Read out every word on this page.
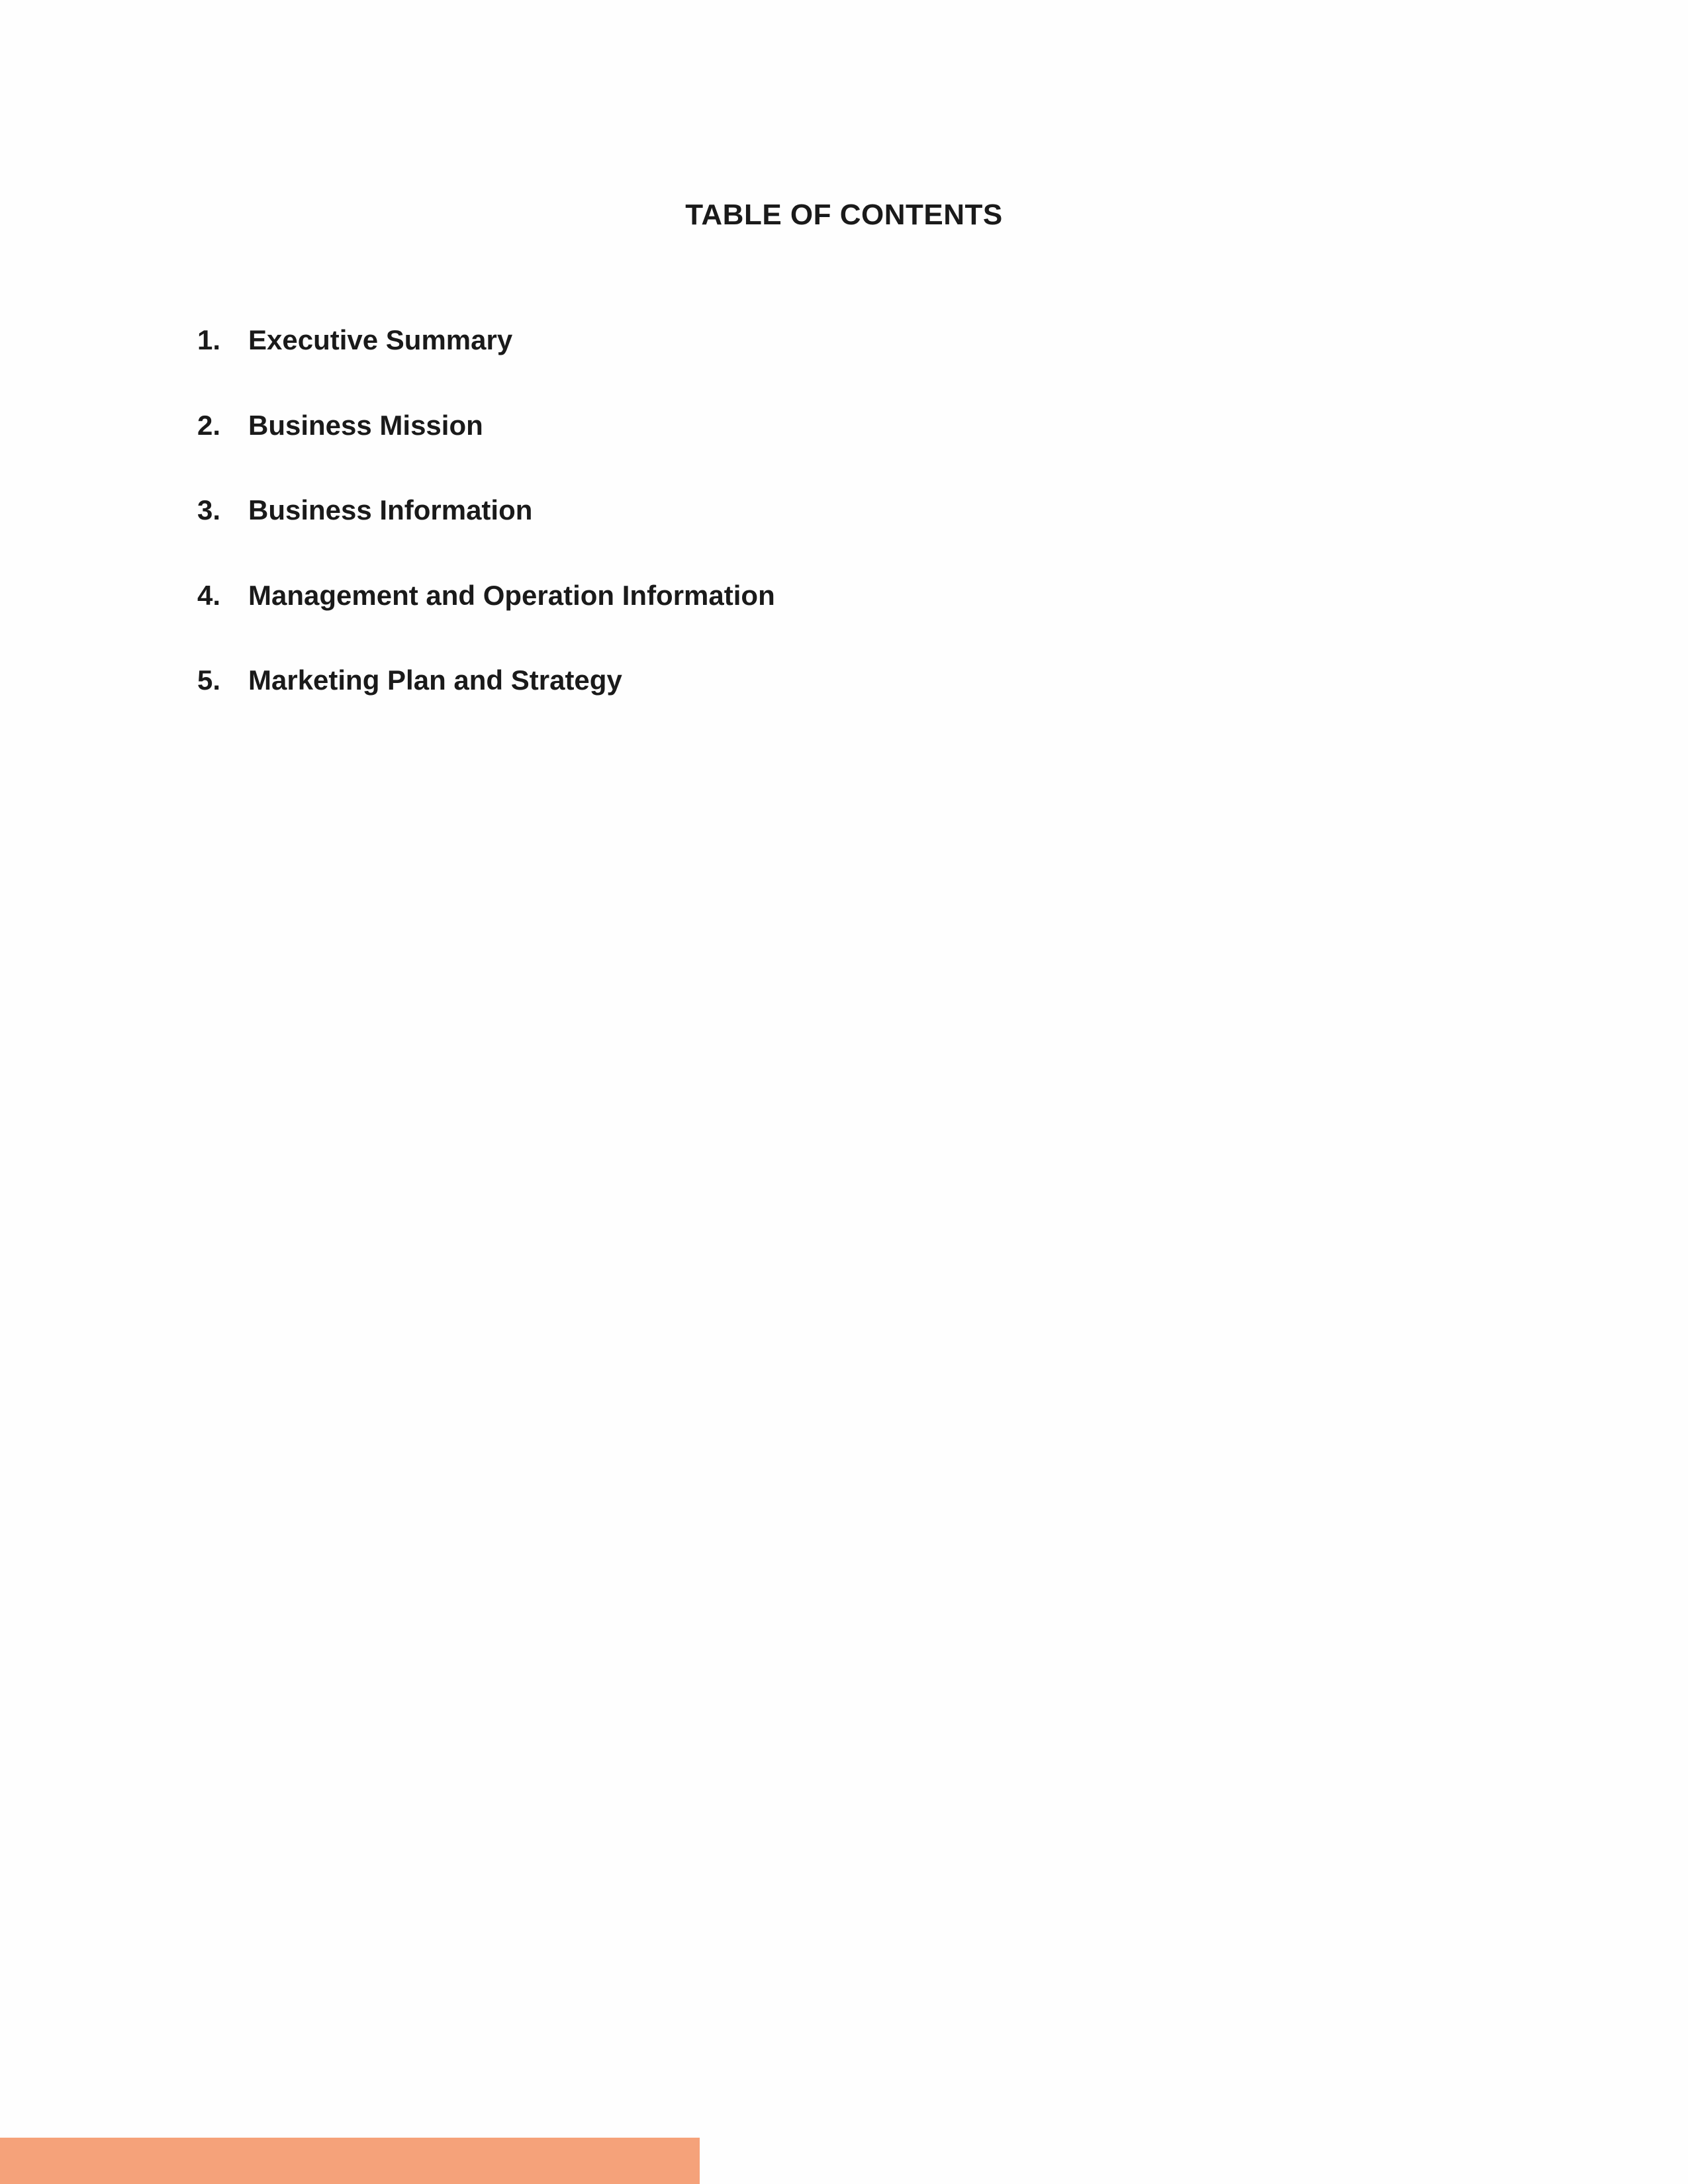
TABLE OF CONTENTS
1. Executive Summary
2. Business Mission
3. Business Information
4. Management and Operation Information
5. Marketing Plan and Strategy
